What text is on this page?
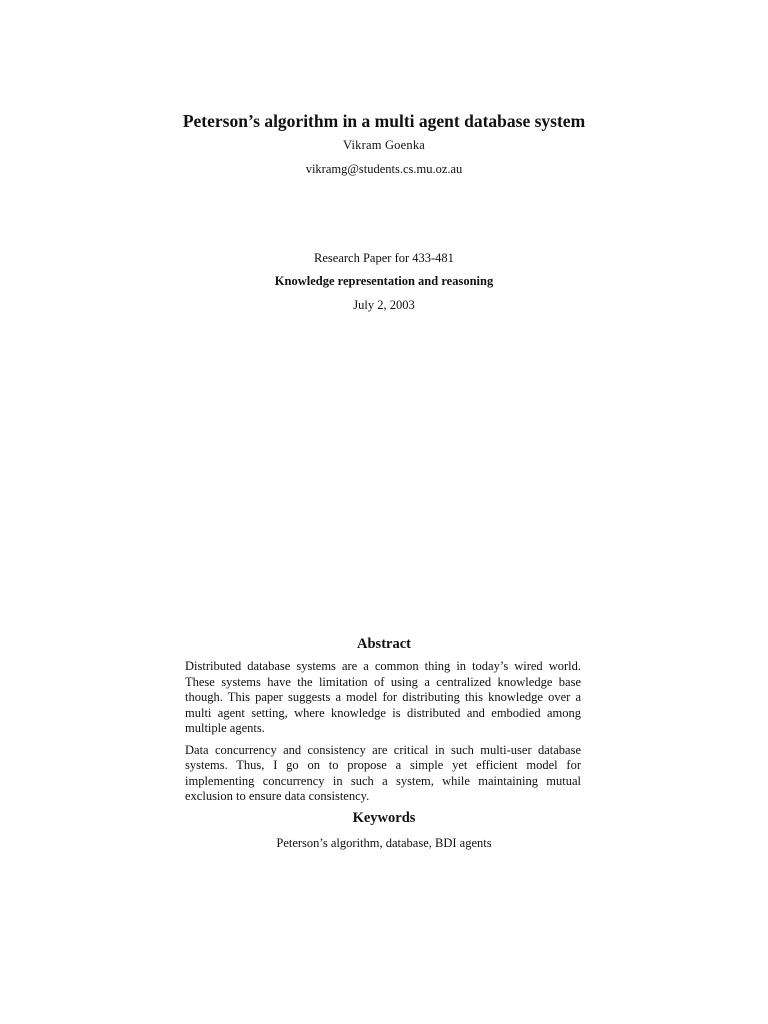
Peterson’s algorithm in a multi agent database system
Vikram Goenka
vikramg@students.cs.mu.oz.au
Research Paper for 433-481
Knowledge representation and reasoning
July 2, 2003
Abstract

Distributed database systems are a common thing in today’s wired world. These systems have the limitation of using a centralized knowledge base though. This paper suggests a model for distributing this knowledge over a multi agent setting, where knowledge is distributed and embodied among multiple agents.

Data concurrency and consistency are critical in such multi-user database systems. Thus, I go on to propose a simple yet efficient model for implementing concurrency in such a system, while maintaining mutual exclusion to ensure data consistency.

Keywords
Peterson’s algorithm, database, BDI agents
